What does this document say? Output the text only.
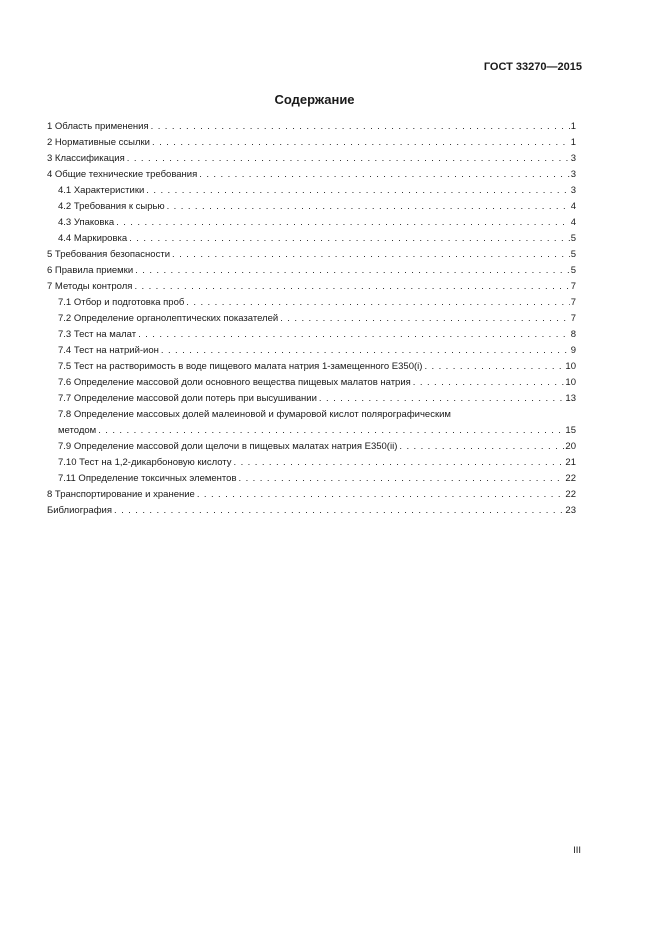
ГОСТ 33270—2015
Содержание
1 Область применения . . .	1
2 Нормативные ссылки . . .	1
3 Классификация . . .	3
4 Общие технические требования . . .	3
4.1 Характеристики . . .	3
4.2 Требования к сырью . . .	4
4.3 Упаковка . . .	4
4.4 Маркировка . . .	5
5 Требования безопасности . . .	5
6 Правила приемки . . .	5
7 Методы контроля . . .	7
7.1 Отбор и подготовка проб . . .	7
7.2 Определение органолептических показателей . . .	7
7.3 Тест на малат . . .	8
7.4 Тест на натрий-ион . . .	9
7.5 Тест на растворимость в воде пищевого малата натрия 1-замещенного Е350(i) . . .	10
7.6 Определение массовой доли основного вещества пищевых малатов натрия . . .	10
7.7 Определение массовой доли потерь при высушивании . . .	13
7.8 Определение массовых долей малеиновой и фумаровой кислот полярографическим
методом . . .	15
7.9 Определение массовой доли щелочи в пищевых малатах натрия Е350(ii) . . .	20
7.10 Тест на 1,2-дикарбоновую кислоту . . .	21
7.11 Определение токсичных элементов . . .	22
8 Транспортирование и хранение . . .	22
Библиография . . .	23
III
